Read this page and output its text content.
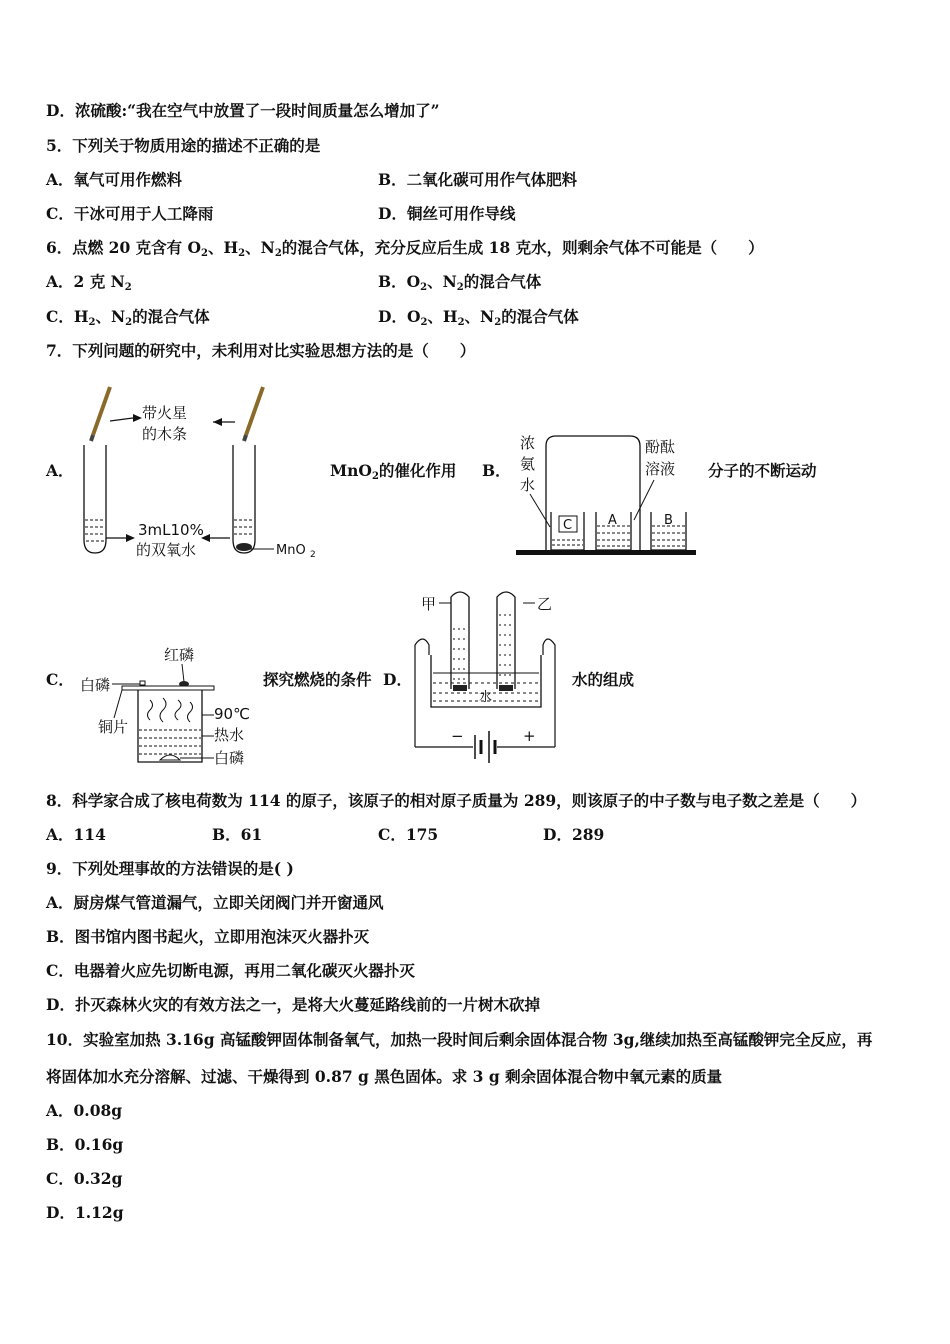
D．浓硫酸:“我在空气中放置了一段时间质量怎么增加了”
5．下列关于物质用途的描述不正确的是
A．氧气可用作燃料	B．二氧化碳可用作气体肥料
C．干冰可用于人工降雨	D．铜丝可用作导线
6．点燃 20 克含有 $O_2$、$H_2$、$N_2$的混合气体，充分反应后生成 18 克水，则剩余气体不可能是（　　）
A．2 克 $N_2$	B．$O_2$、$N_2$的混合气体
C．$H_2$、$N_2$的混合气体	D．$O_2$、$H_2$、$N_2$的混合气体
7．下列问题的研究中，未利用对比实验思想方法的是（　　）
A．
带火星
的木条
MnO 2
3mL10%
的双氧水
MnO$_2$的催化作用 B．
浓
氨
水
酚酞
溶液
C	A	B
分子的不断运动
C．
红磷
白磷
铜片
90℃
热水
白磷
探究燃烧的条件 D．
甲	乙
水
−	+
水的组成
8．科学家合成了核电荷数为 114 的原子，该原子的相对原子质量为 289，则该原子的中子数与电子数之差是（　　）
A．114	B．61	C．175	D．289
9．下列处理事故的方法错误的是( )
A．厨房煤气管道漏气，立即关闭阀门并开窗通风
B．图书馆内图书起火，立即用泡沫灭火器扑灭
C．电器着火应先切断电源，再用二氧化碳灭火器扑灭
D．扑灭森林火灾的有效方法之一，是将大火蔓延路线前的一片树木砍掉
10．实验室加热 3.16g 高锰酸钾固体制备氧气，加热一段时间后剩余固体混合物 3g,继续加热至高锰酸钾完全反应，再
将固体加水充分溶解、过滤、干燥得到 0.87 g 黑色固体。求 3 g 剩余固体混合物中氧元素的质量
A．0.08g
B．0.16g
C．0.32g
D．1.12g
